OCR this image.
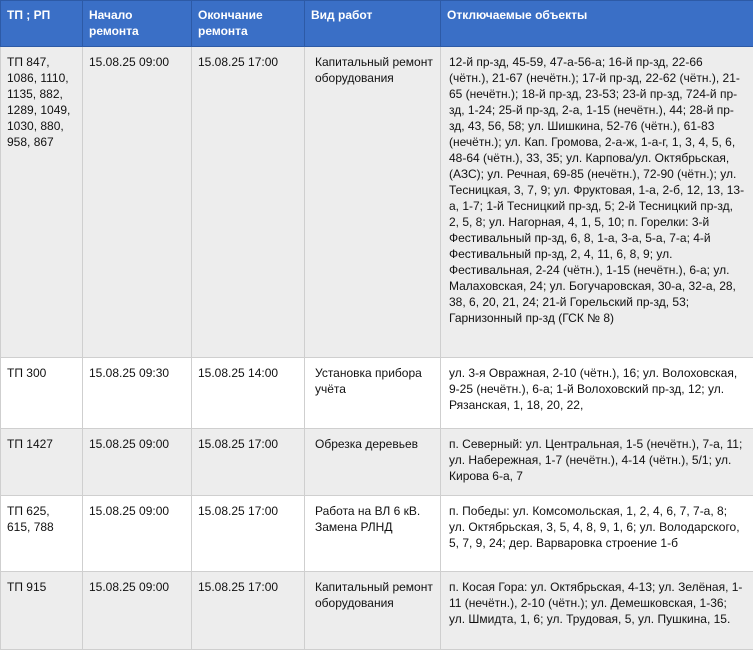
ТП ; РП	Начало ремонта	Окончание ремонта	Вид работ	Отключаемые объекты
ТП 847, 1086, 1110, 1135, 882, 1289, 1049, 1030, 880, 958, 867	15.08.25 09:00	15.08.25 17:00	Капитальный ремонт оборудования	12-й пр-зд, 45-59, 47-а-56-а; 16-й пр-зд, 22-66 (чётн.), 21-67 (нечётн.); 17-й пр-зд, 22-62 (чётн.), 21-65 (нечётн.); 18-й пр-зд, 23-53; 23-й пр-зд, 724-й пр-зд, 1-24; 25-й пр-зд, 2-а, 1-15 (нечётн.), 44; 28-й пр-зд, 43, 56, 58; ул. Шишкина, 52-76 (чётн.), 61-83 (нечётн.); ул. Кап. Громова, 2-а-ж, 1-а-г, 1, 3, 4, 5, 6, 48-64 (чётн.), 33, 35; ул. Карпова/ул. Октябрьская, (АЗС); ул. Речная, 69-85 (нечётн.), 72-90 (чётн.); ул. Тесницкая, 3, 7, 9; ул. Фруктовая, 1-а, 2-б, 12, 13, 13-а, 1-7; 1-й Тесницкий пр-зд, 5; 2-й Тесницкий пр-зд, 2, 5, 8; ул. Нагорная, 4, 1, 5, 10; п. Горелки: 3-й Фестивальный пр-зд, 6, 8, 1-а, 3-а, 5-а, 7-а; 4-й Фестивальный пр-зд, 2, 4, 11, 6, 8, 9; ул. Фестивальная, 2-24 (чётн.), 1-15 (нечётн.), 6-а; ул. Малаховская, 24; ул. Богучаровская, 30-а, 32-а, 28, 38, 6, 20, 21, 24; 21-й Горельский пр-зд, 53; Гарнизонный пр-зд (ГСК № 8)
ТП 300	15.08.25 09:30	15.08.25 14:00	Установка прибора учёта	ул. 3-я Овражная, 2-10 (чётн.), 16; ул. Волоховская, 9-25 (нечётн.), 6-а; 1-й Волоховский пр-зд, 12; ул. Рязанская, 1, 18, 20, 22,
ТП 1427	15.08.25 09:00	15.08.25 17:00	Обрезка деревьев	п. Северный: ул. Центральная, 1-5 (нечётн.), 7-а, 11; ул. Набережная, 1-7 (нечётн.), 4-14 (чётн.), 5/1; ул. Кирова 6-а, 7
ТП 625, 615, 788	15.08.25 09:00	15.08.25 17:00	Работа на ВЛ 6 кВ. Замена РЛНД	п. Победы: ул. Комсомольская, 1, 2, 4, 6, 7, 7-а, 8; ул. Октябрьская, 3, 5, 4, 8, 9, 1, 6; ул. Володарского, 5, 7, 9, 24; дер. Варваровка строение 1-б
ТП 915	15.08.25 09:00	15.08.25 17:00	Капитальный ремонт оборудования	п. Косая Гора: ул. Октябрьская, 4-13; ул. Зелёная, 1-11 (нечётн.), 2-10 (чётн.); ул. Демешковская, 1-36; ул. Шмидта, 1, 6; ул. Трудовая, 5, ул. Пушкина, 15.
